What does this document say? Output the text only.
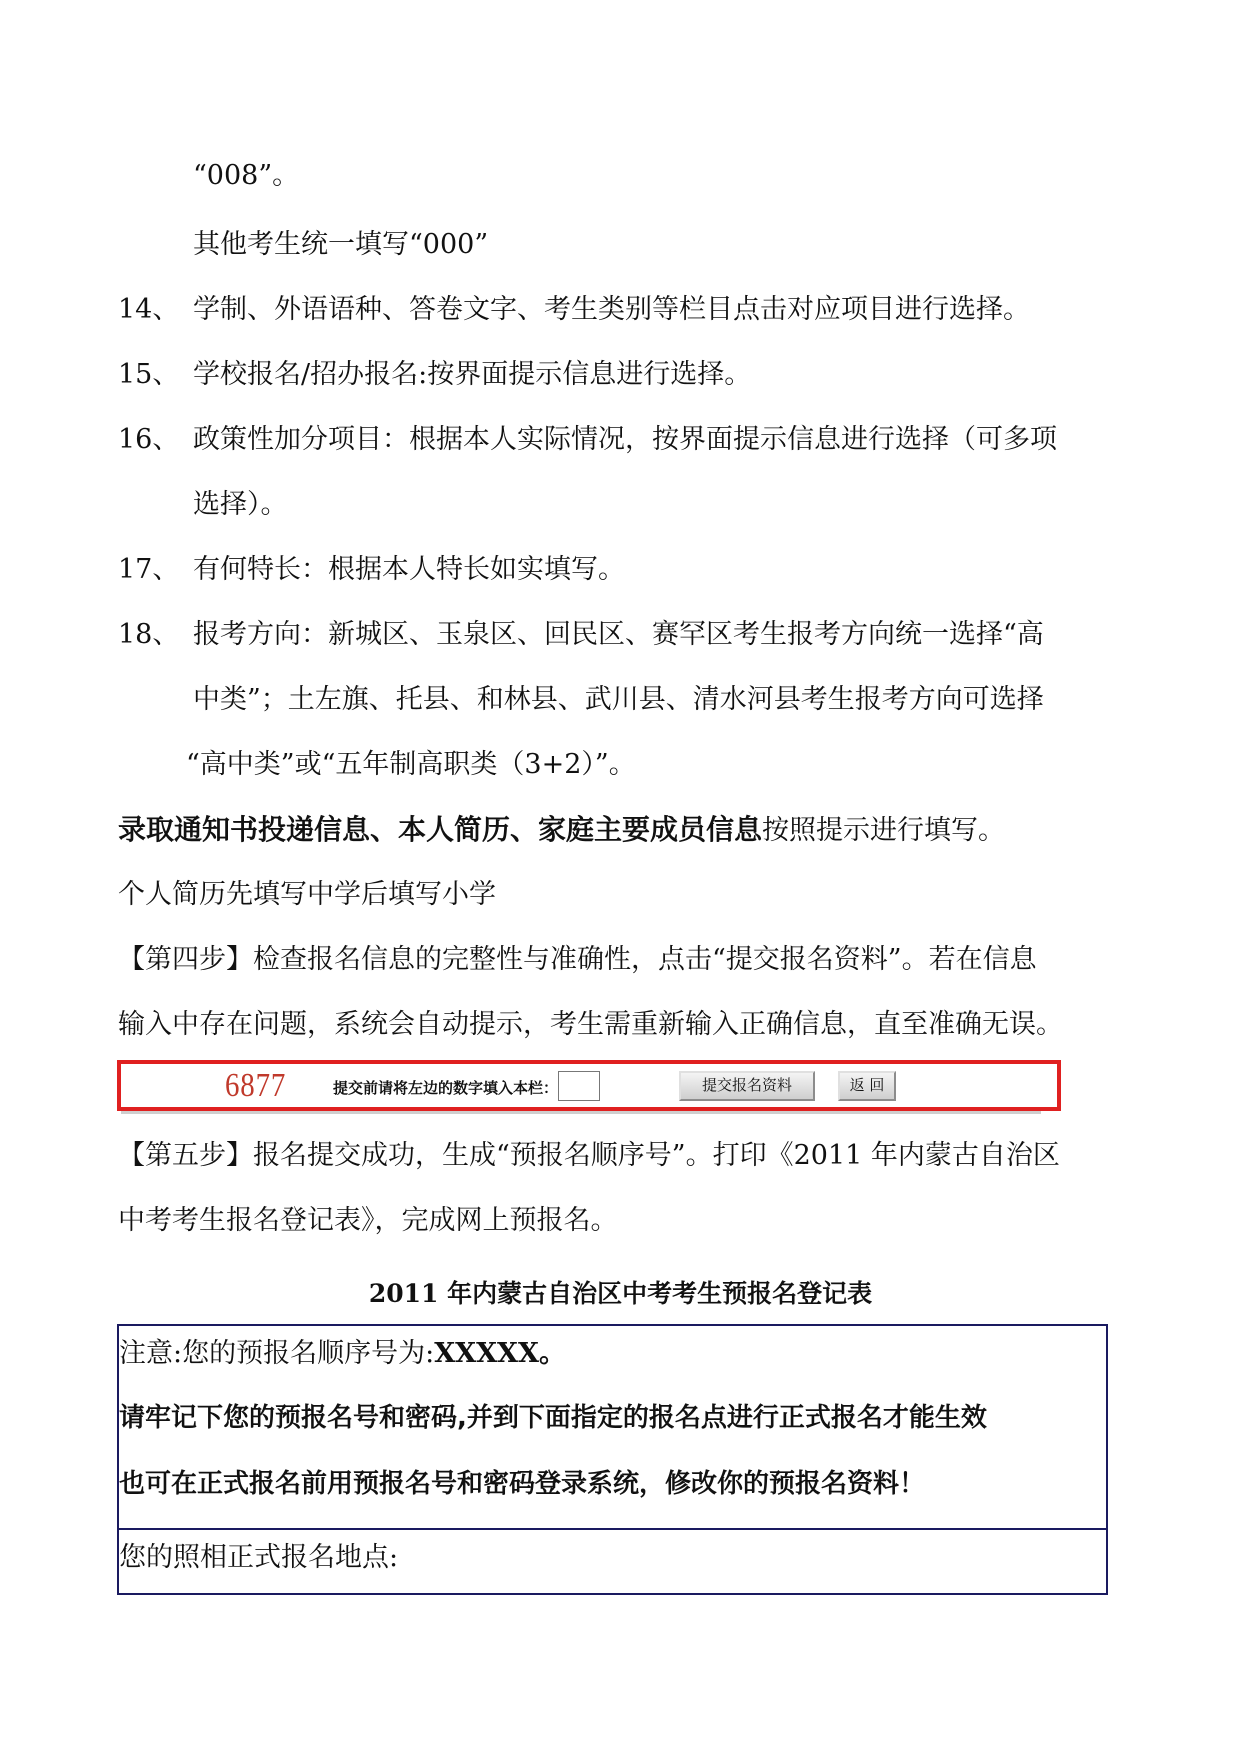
“008”。
其他考生统一填写“000”
14、 学制、外语语种、答卷文字、考生类别等栏目点击对应项目进行选择。
15、 学校报名/招办报名:按界面提示信息进行选择。
16、 政策性加分项目：根据本人实际情况，按界面提示信息进行选择（可多项
选择）。
17、 有何特长：根据本人特长如实填写。
18、 报考方向：新城区、玉泉区、回民区、赛罕区考生报考方向统一选择“高
中类”；土左旗、托县、和林县、武川县、清水河县考生报考方向可选择
“高中类”或“五年制高职类（3+2）”。
录取通知书投递信息、本人简历、家庭主要成员信息按照提示进行填写。
个人简历先填写中学后填写小学
【第四步】检查报名信息的完整性与准确性，点击“提交报名资料”。若在信息
输入中存在问题，系统会自动提示，考生需重新输入正确信息，直至准确无误。
6877	提交前请将左边的数字填入本栏：	提交报名资料	返 回
【第五步】报名提交成功，生成“预报名顺序号”。打印《2011 年内蒙古自治区
中考考生报名登记表》，完成网上预报名。
2011 年内蒙古自治区中考考生预报名登记表
注意:您的预报名顺序号为:XXXXX。
请牢记下您的预报名号和密码,并到下面指定的报名点进行正式报名才能生效
也可在正式报名前用预报名号和密码登录系统，修改你的预报名资料！
您的照相正式报名地点:
